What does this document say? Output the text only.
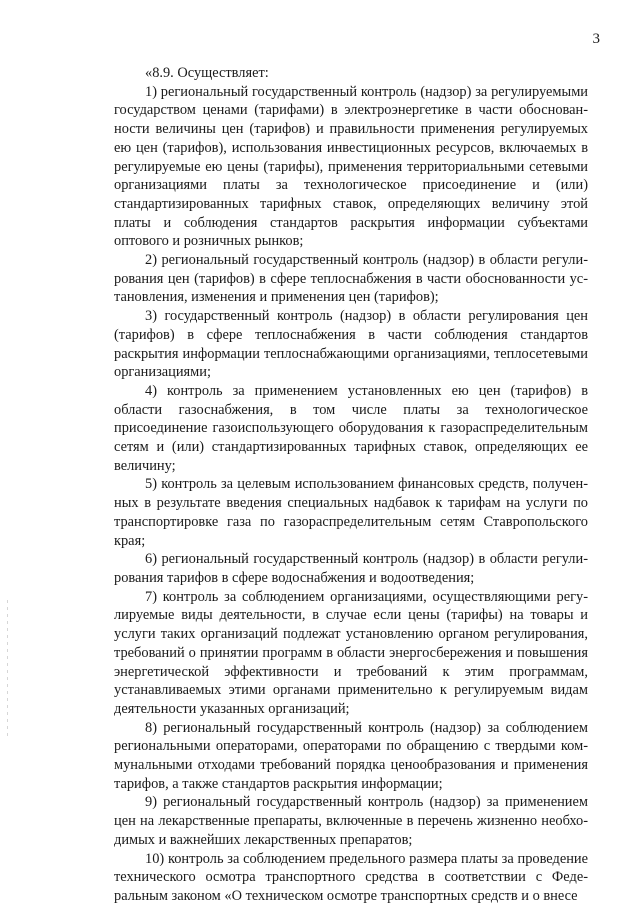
3

«8.9. Осуществляет:

1) региональный государственный контроль (надзор) за регулируемыми государством ценами (тарифами) в электроэнергетике в части обоснованности величины цен (тарифов) и правильности применения регулируемых ею цен (тарифов), использования инвестиционных ресурсов, включаемых в регулируемые ею цены (тарифы), применения территориальными сетевыми организациями платы за технологическое присоединение и (или) стандартизированных тарифных ставок, определяющих величину этой платы и соблюдения стандартов раскрытия информации субъектами оптового и розничных рынков;

2) региональный государственный контроль (надзор) в области регулирования цен (тарифов) в сфере теплоснабжения в части обоснованности установления, изменения и применения цен (тарифов);

3) государственный контроль (надзор) в области регулирования цен (тарифов) в сфере теплоснабжения в части соблюдения стандартов раскрытия информации теплоснабжающими организациями, теплосетевыми организациями;

4) контроль за применением установленных ею цен (тарифов) в области газоснабжения, в том числе платы за технологическое присоединение газоиспользующего оборудования к газораспределительным сетям и (или) стандартизированных тарифных ставок, определяющих ее величину;

5) контроль за целевым использованием финансовых средств, полученных в результате введения специальных надбавок к тарифам на услуги по транспортировке газа по газораспределительным сетям Ставропольского края;

6) региональный государственный контроль (надзор) в области регулирования тарифов в сфере водоснабжения и водоотведения;

7) контроль за соблюдением организациями, осуществляющими регулируемые виды деятельности, в случае если цены (тарифы) на товары и услуги таких организаций подлежат установлению органом регулирования, требований о принятии программ в области энергосбережения и повышения энергетической эффективности и требований к этим программам, устанавливаемых этими органами применительно к регулируемым видам деятельности указанных организаций;

8) региональный государственный контроль (надзор) за соблюдением региональными операторами, операторами по обращению с твердыми коммунальными отходами требований порядка ценообразования и применения тарифов, а также стандартов раскрытия информации;

9) региональный государственный контроль (надзор) за применением цен на лекарственные препараты, включенные в перечень жизненно необходимых и важнейших лекарственных препаратов;

10) контроль за соблюдением предельного размера платы за проведение технического осмотра транспортного средства в соответствии с Федеральным законом «О техническом осмотре транспортных средств и о внесе
